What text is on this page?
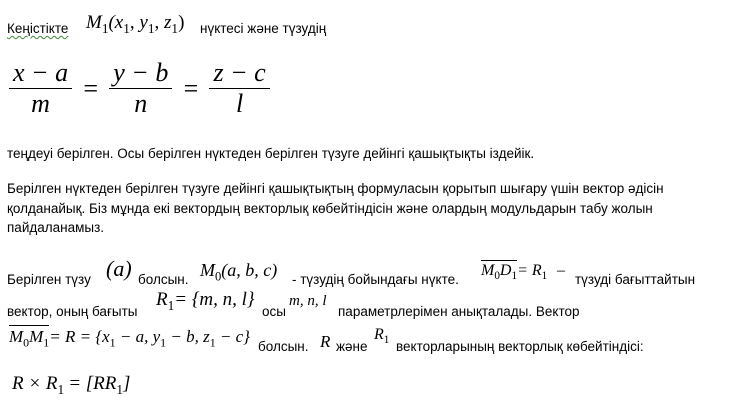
Кеңістікте $M_1(x_1$, $y_1$, $z_1$) нүктесі және түзудің
$\frac{x - a}{m} = \frac{y - b}{n} = \frac{z - c}{l}$
теңдеуі берілген. Осы берілген нүктеден берілген түзуге дейінгі қашықтықты іздейік.
Берілген нүктеден берілген түзуге дейінгі қашықтықтың формуласын қорытып шығару үшін вектор әдісін
қолданайық. Біз мұнда екі вектордың векторлық көбейтіндісін және олардың модульдарын табу жолын
пайдаланамыз.
Берілген түзу (a) болсын. $M_0(a$, b, c) - түзудің бойындағы нүкте.
$M_0D_1= R_1$ –
түзуді бағыттайтын
вектор, оның бағыты
$R_1= \{m$, n, l}
осы
m, n, l
параметрлерімен анықталады. Вектор
$M_0M_1= R = \{x_1 - a$, $y_1 - b$, $z_1 - c$}
болсын. R және
$R_1$ векторларының векторлық көбейтіндісі:
$R \times R_1 = [RR_1]$
